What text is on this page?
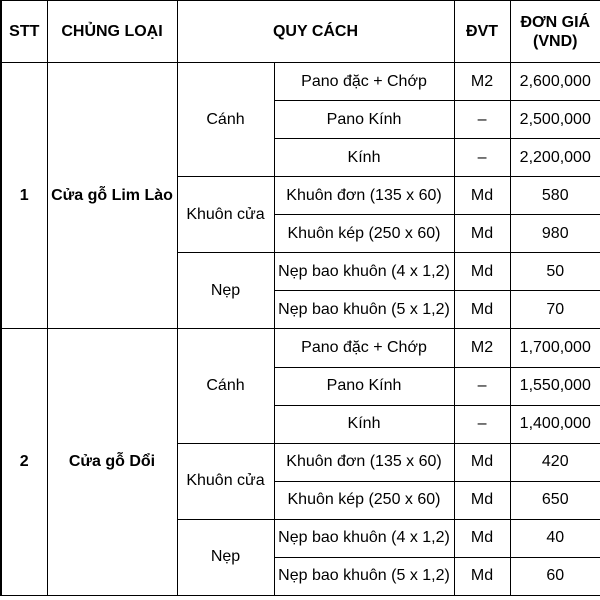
STT	CHỦNG LOẠI	QUY CÁCH		ĐVT	ĐƠN GIÁ
(VND)
1	Cửa gỗ Lim Lào	Cánh	Pano đặc + Chớp	M2	2,600,000
			Pano Kính	–	2,500,000
			Kính	–	2,200,000
		Khuôn cửa	Khuôn đơn (135 x 60)	Md	580
			Khuôn kép (250 x 60)	Md	980
		Nẹp	Nẹp bao khuôn (4 x 1,2)	Md	50
			Nẹp bao khuôn (5 x 1,2)	Md	70
2	Cửa gỗ Dổi	Cánh	Pano đặc + Chớp	M2	1,700,000
			Pano Kính	–	1,550,000
			Kính	–	1,400,000
		Khuôn cửa	Khuôn đơn (135 x 60)	Md	420
			Khuôn kép (250 x 60)	Md	650
		Nẹp	Nẹp bao khuôn (4 x 1,2)	Md	40
			Nẹp bao khuôn (5 x 1,2)	Md	60
